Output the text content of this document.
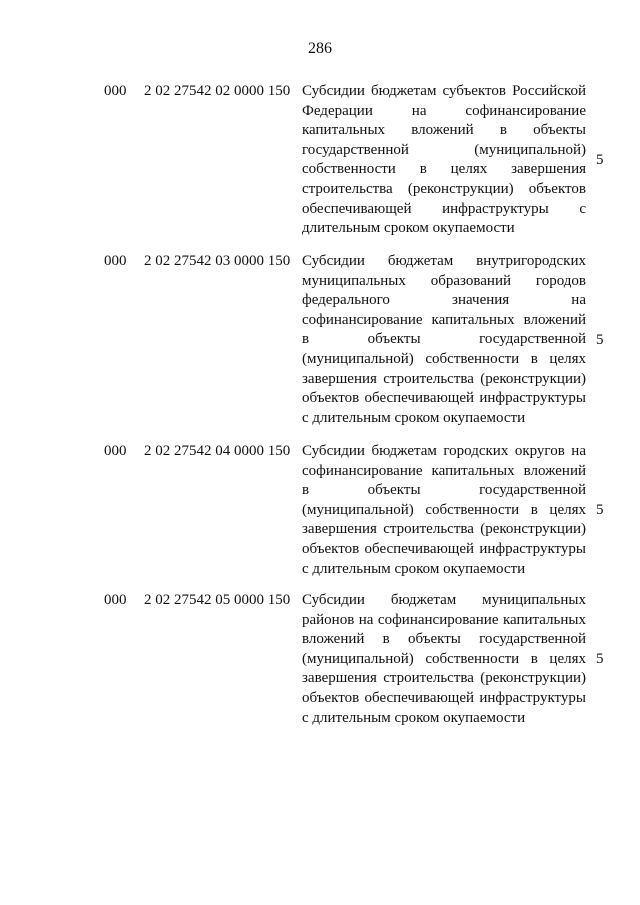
286
000 2 02 27542 02 0000 150 Субсидии бюджетам субъектов Российской Федерации на софинансирование капитальных вложений в объекты государственной (муниципальной) собственности в целях завершения строительства (реконструкции) объектов обеспечивающей инфраструктуры с длительным сроком окупаемости
5
000 2 02 27542 03 0000 150 Субсидии бюджетам внутригородских муниципальных образований городов федерального значения на софинансирование капитальных вложений в объекты государственной (муниципальной) собственности в целях завершения строительства (реконструкции) объектов обеспечивающей инфраструктуры с длительным сроком окупаемости
5
000 2 02 27542 04 0000 150 Субсидии бюджетам городских округов на софинансирование капитальных вложений в объекты государственной (муниципальной) собственности в целях завершения строительства (реконструкции) объектов обеспечивающей инфраструктуры с длительным сроком окупаемости
5
000 2 02 27542 05 0000 150 Субсидии бюджетам муниципальных районов на софинансирование капитальных вложений в объекты государственной (муниципальной) собственности в целях завершения строительства (реконструкции) объектов обеспечивающей инфраструктуры с длительным сроком окупаемости
5
